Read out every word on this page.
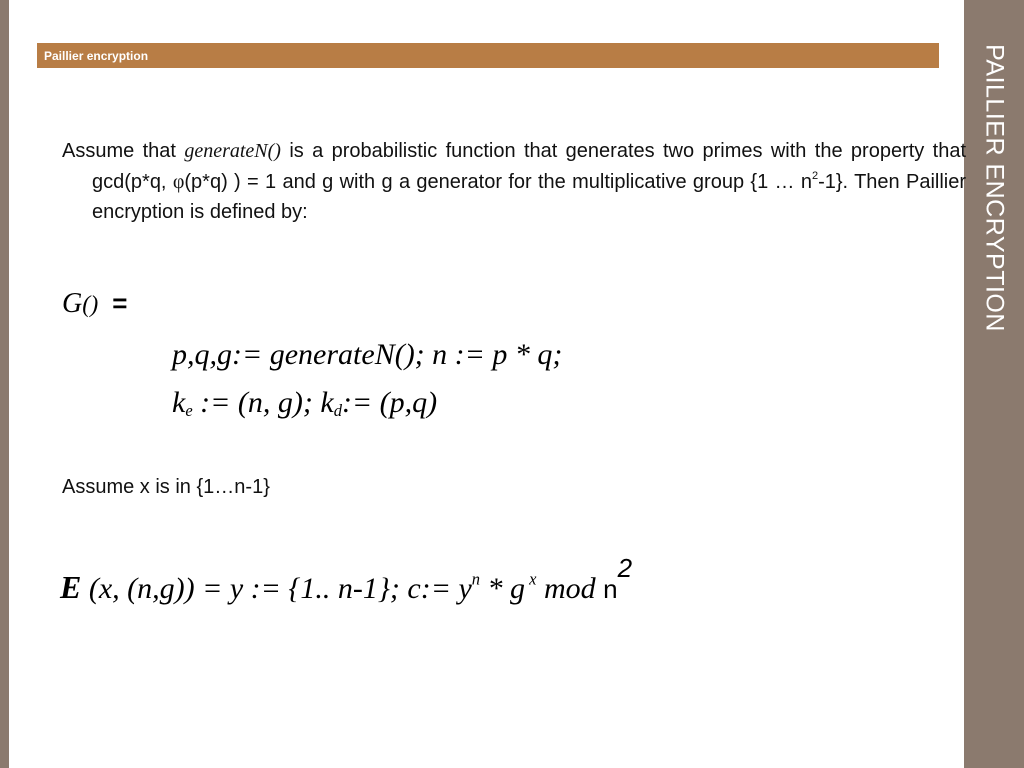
Paillier encryption	PAILLIER ENCRYPTION
Assume that generateN() is a probabilistic function that generates two primes with the property that gcd(p*q, φ(p*q) ) = 1 and g with g a generator for the multiplicative group {1 … $n^2-1$}. Then Paillier encryption is defined by:
G() =
p,q,g:= generateN(); n := p * q;
$k_e$ := (n, g); $k_d:= (p,q)$
Assume x is in {1…n-1}
E (x, (n,g)) = y := {1.. n-1}; c:= $y^n$ * g $^x$ mod $n^2$
